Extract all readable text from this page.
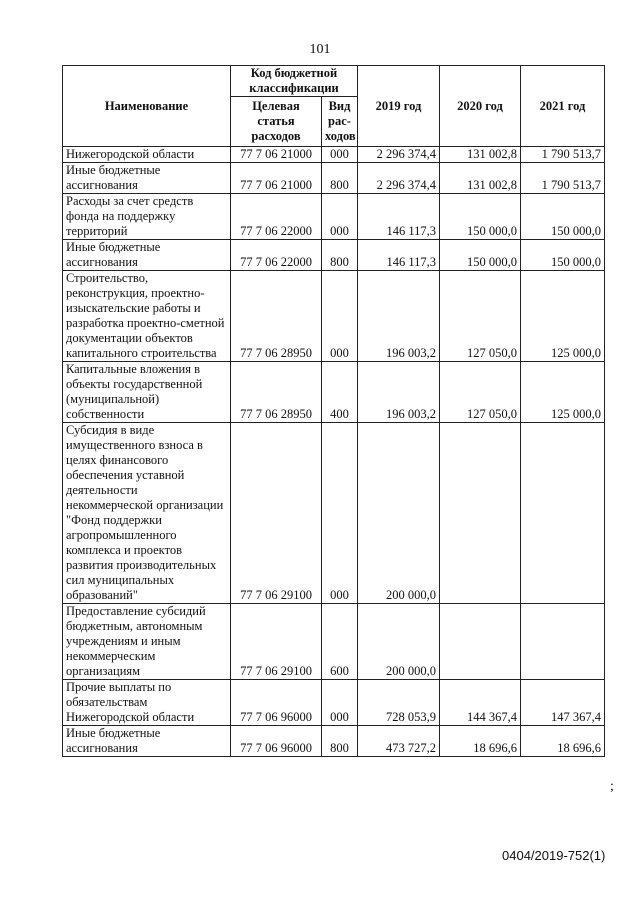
101
Наименование	Код бюджетной классификации		2019 год	2020 год	2021 год
	Целевая статья расходов	Вид рас-ходов			
Нижегородской области	77 7 06 21000	000	2 296 374,4	131 002,8	1 790 513,7
Иные бюджетные ассигнования	77 7 06 21000	800	2 296 374,4	131 002,8	1 790 513,7
Расходы за счет средств фонда на поддержку территорий	77 7 06 22000	000	146 117,3	150 000,0	150 000,0
Иные бюджетные ассигнования	77 7 06 22000	800	146 117,3	150 000,0	150 000,0
Строительство, реконструкция, проектно-изыскательские работы и разработка проектно-сметной документации объектов капитального строительства	77 7 06 28950	000	196 003,2	127 050,0	125 000,0
Капитальные вложения в объекты государственной (муниципальной) собственности	77 7 06 28950	400	196 003,2	127 050,0	125 000,0
Субсидия в виде имущественного взноса в целях финансового обеспечения уставной деятельности некоммерческой организации "Фонд поддержки агропромышленного комплекса и проектов развития производительных сил муниципальных образований"	77 7 06 29100	000	200 000,0		
Предоставление субсидий бюджетным, автономным учреждениям и иным некоммерческим организациям	77 7 06 29100	600	200 000,0		
Прочие выплаты по обязательствам Нижегородской области	77 7 06 96000	000	728 053,9	144 367,4	147 367,4
Иные бюджетные ассигнования	77 7 06 96000	800	473 727,2	18 696,6	18 696,6
;
0404/2019-752(1)
